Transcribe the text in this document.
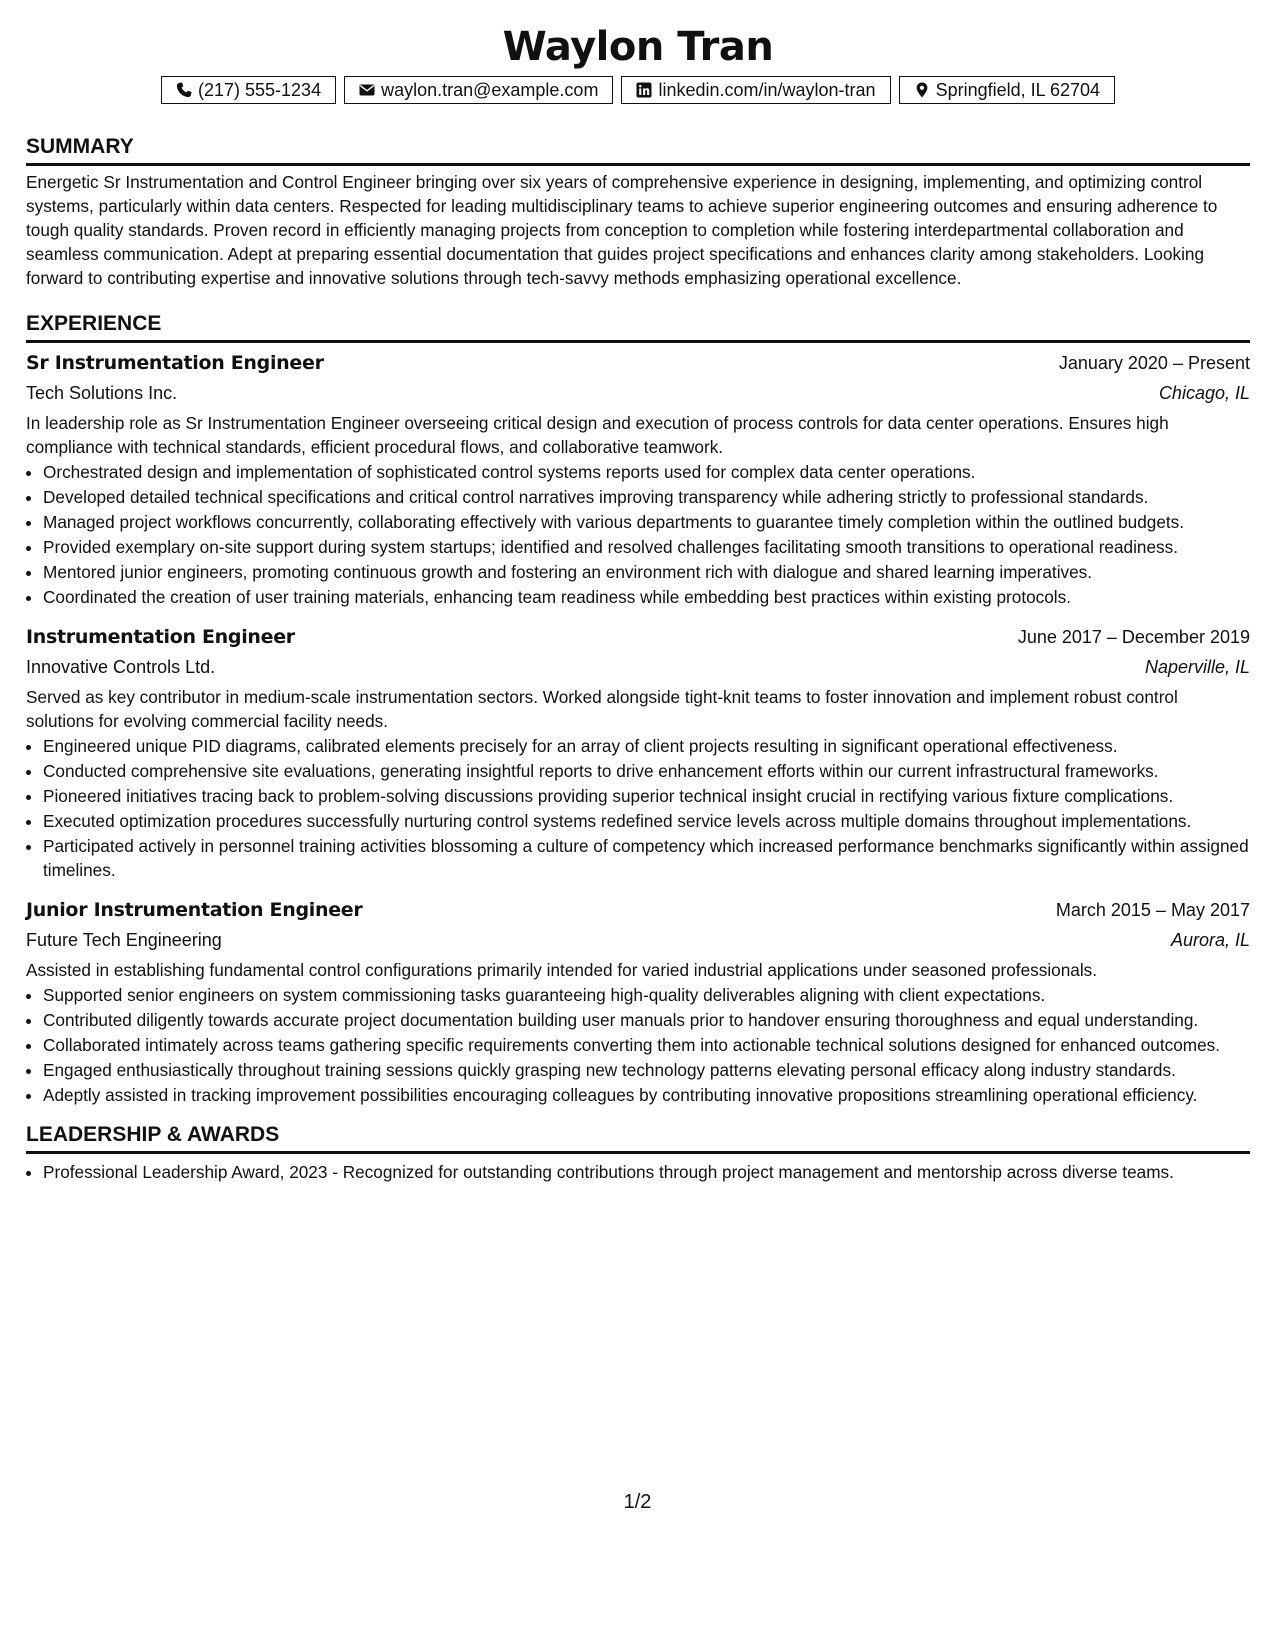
Waylon Tran
(217) 555-1234	waylon.tran@example.com	linkedin.com/in/waylon-tran	Springfield, IL 62704
SUMMARY

Energetic Sr Instrumentation and Control Engineer bringing over six years of comprehensive experience in designing, implementing, and optimizing control systems, particularly within data centers. Respected for leading multidisciplinary teams to achieve superior engineering outcomes and ensuring adherence to tough quality standards. Proven record in efficiently managing projects from conception to completion while fostering interdepartmental collaboration and seamless communication. Adept at preparing essential documentation that guides project specifications and enhances clarity among stakeholders. Looking forward to contributing expertise and innovative solutions through tech-savvy methods emphasizing operational excellence.

EXPERIENCE
Sr Instrumentation Engineer	January 2020 – Present
Tech Solutions Inc.	Chicago, IL

In leadership role as Sr Instrumentation Engineer overseeing critical design and execution of process controls for data center operations. Ensures high compliance with technical standards, efficient procedural flows, and collaborative teamwork.

• Orchestrated design and implementation of sophisticated control systems reports used for complex data center operations.
• Developed detailed technical specifications and critical control narratives improving transparency while adhering strictly to professional standards.
• Managed project workflows concurrently, collaborating effectively with various departments to guarantee timely completion within the outlined budgets.
• Provided exemplary on-site support during system startups; identified and resolved challenges facilitating smooth transitions to operational readiness.
• Mentored junior engineers, promoting continuous growth and fostering an environment rich with dialogue and shared learning imperatives.
• Coordinated the creation of user training materials, enhancing team readiness while embedding best practices within existing protocols.
Instrumentation Engineer	June 2017 – December 2019
Innovative Controls Ltd.	Naperville, IL

Served as key contributor in medium-scale instrumentation sectors. Worked alongside tight-knit teams to foster innovation and implement robust control solutions for evolving commercial facility needs.

• Engineered unique PID diagrams, calibrated elements precisely for an array of client projects resulting in significant operational effectiveness.
• Conducted comprehensive site evaluations, generating insightful reports to drive enhancement efforts within our current infrastructural frameworks.
• Pioneered initiatives tracing back to problem-solving discussions providing superior technical insight crucial in rectifying various fixture complications.
• Executed optimization procedures successfully nurturing control systems redefined service levels across multiple domains throughout implementations.
• Participated actively in personnel training activities blossoming a culture of competency which increased performance benchmarks significantly within assigned timelines.
Junior Instrumentation Engineer	March 2015 – May 2017
Future Tech Engineering	Aurora, IL

Assisted in establishing fundamental control configurations primarily intended for varied industrial applications under seasoned professionals.

• Supported senior engineers on system commissioning tasks guaranteeing high-quality deliverables aligning with client expectations.
• Contributed diligently towards accurate project documentation building user manuals prior to handover ensuring thoroughness and equal understanding.
• Collaborated intimately across teams gathering specific requirements converting them into actionable technical solutions designed for enhanced outcomes.
• Engaged enthusiastically throughout training sessions quickly grasping new technology patterns elevating personal efficacy along industry standards.
• Adeptly assisted in tracking improvement possibilities encouraging colleagues by contributing innovative propositions streamlining operational efficiency.
LEADERSHIP & AWARDS
• Professional Leadership Award, 2023 - Recognized for outstanding contributions through project management and mentorship across diverse teams.
1/2
